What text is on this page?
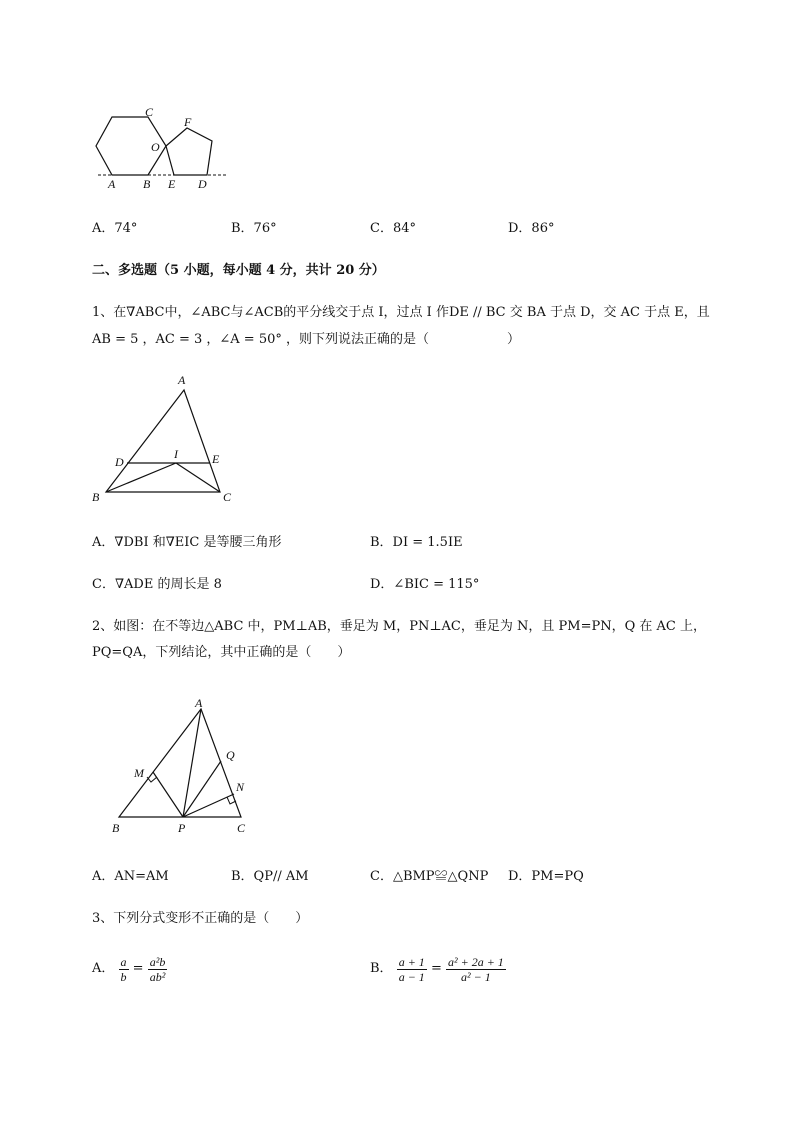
C
F
O
A B E D
A．74°	B．76°	C．84°	D．86°
二、多选题（5 小题，每小题 4 分，共计 20 分）
1、在∇ABC中，∠ABC与∠ACB的平分线交于点 I，过点 I 作DE // BC 交 BA 于点 D，交 AC 于点 E，且
AB = 5 ，AC = 3 ，∠A = 50° ，则下列说法正确的是（　　　　　　）
A
D
I	E
B	C
A．∇DBI 和∇EIC 是等腰三角形	B．DI = 1.5IE
C．∇ADE 的周长是 8	D．∠BIC = 115°
2、如图：在不等边△ABC 中，PM⊥AB，垂足为 M，PN⊥AC，垂足为 N，且 PM=PN，Q 在 AC 上，
PQ=QA，下列结论，其中正确的是（　　）
A
M
Q
N
B	P	C
A．AN=AM	B．QP// AM	C．△BMP≌△QNP D．PM=PQ
3、下列分式变形不正确的是（　　）
A． $\frac{a}{b} = \frac{\text{a²b}}{\text{ab²}}$	B． $\frac{a + 1}{a - 1} = \frac{\text{a² + 2a + 1}}{\text{a² − 1}}$
